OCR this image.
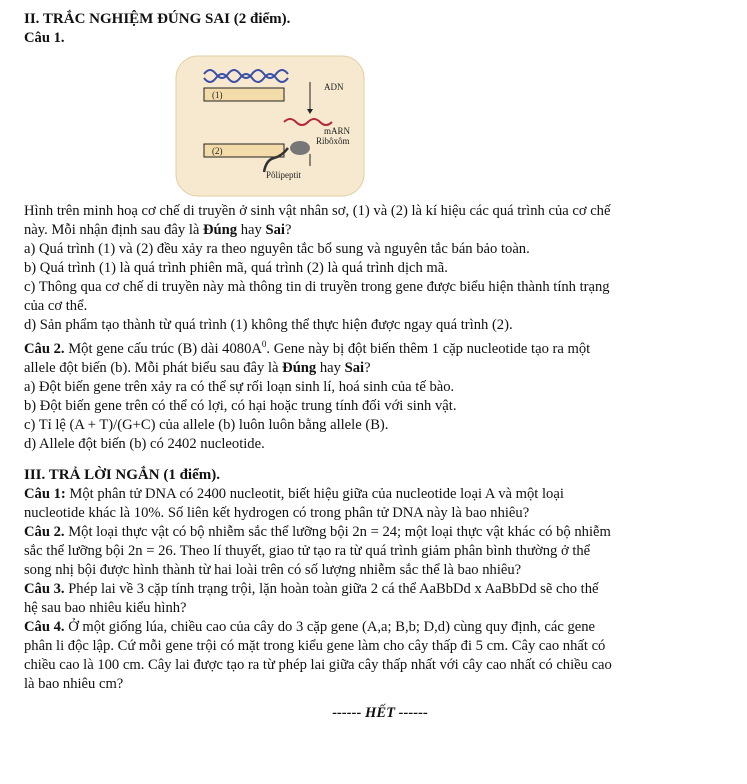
II. TRẮC NGHIỆM ĐÚNG SAI (2 điểm).

Câu 1.

(1)
ADN
mARN
Ribôxôm
(2)
Pôlipeptit

Hình trên minh hoạ cơ chế di truyền ở sinh vật nhân sơ, (1) và (2) là kí hiệu các quá trình của cơ chế

này. Mỗi nhận định sau đây là Đúng hay Sai?

a) Quá trình (1) và (2) đều xảy ra theo nguyên tắc bổ sung và nguyên tắc bán bảo toàn.

b) Quá trình (1) là quá trình phiên mã, quá trình (2) là quá trình dịch mã.

c) Thông qua cơ chế di truyền này mà thông tin di truyền trong gene được biểu hiện thành tính trạng

của cơ thể.

d) Sản phẩm tạo thành từ quá trình (1) không thể thực hiện được ngay quá trình (2).

Câu 2. Một gene cấu trúc (B) dài $4080A^0$. Gene này bị đột biến thêm 1 cặp nucleotide tạo ra một

allele đột biến (b). Mỗi phát biểu sau đây là Đúng hay Sai?

a) Đột biến gene trên xảy ra có thể sự rối loạn sinh lí, hoá sinh của tế bào.

b) Đột biến gene trên có thể có lợi, có hại hoặc trung tính đối với sinh vật.

c) Tỉ lệ (A + T)/(G+C) của allele (b) luôn luôn bằng allele (B).

d) Allele đột biến (b) có 2402 nucleotide.

III. TRẢ LỜI NGẮN (1 điểm).

Câu 1: Một phân tử DNA có 2400 nucleotit, biết hiệu giữa của nucleotide loại A và một loại

nucleotide khác là 10%. Số liên kết hydrogen có trong phân tử DNA này là bao nhiêu?

Câu 2. Một loại thực vật có bộ nhiễm sắc thể lưỡng bội 2n = 24; một loại thực vật khác có bộ nhiễm

sắc thể lưỡng bội 2n = 26. Theo lí thuyết, giao tử tạo ra từ quá trình giảm phân bình thường ở thể

song nhị bội được hình thành từ hai loài trên có số lượng nhiễm sắc thể là bao nhiêu?

Câu 3. Phép lai về 3 cặp tính trạng trội, lặn hoàn toàn giữa 2 cá thể AaBbDd x AaBbDd sẽ cho thế

hệ sau bao nhiêu kiểu hình?

Câu 4. Ở một giống lúa, chiều cao của cây do 3 cặp gene (A,a; B,b; D,d) cùng quy định, các gene

phân li độc lập. Cứ mỗi gene trội có mặt trong kiểu gene làm cho cây thấp đi 5 cm. Cây cao nhất có

chiều cao là 100 cm. Cây lai được tạo ra từ phép lai giữa cây thấp nhất với cây cao nhất có chiều cao

là bao nhiêu cm?

------ HẾT ------
